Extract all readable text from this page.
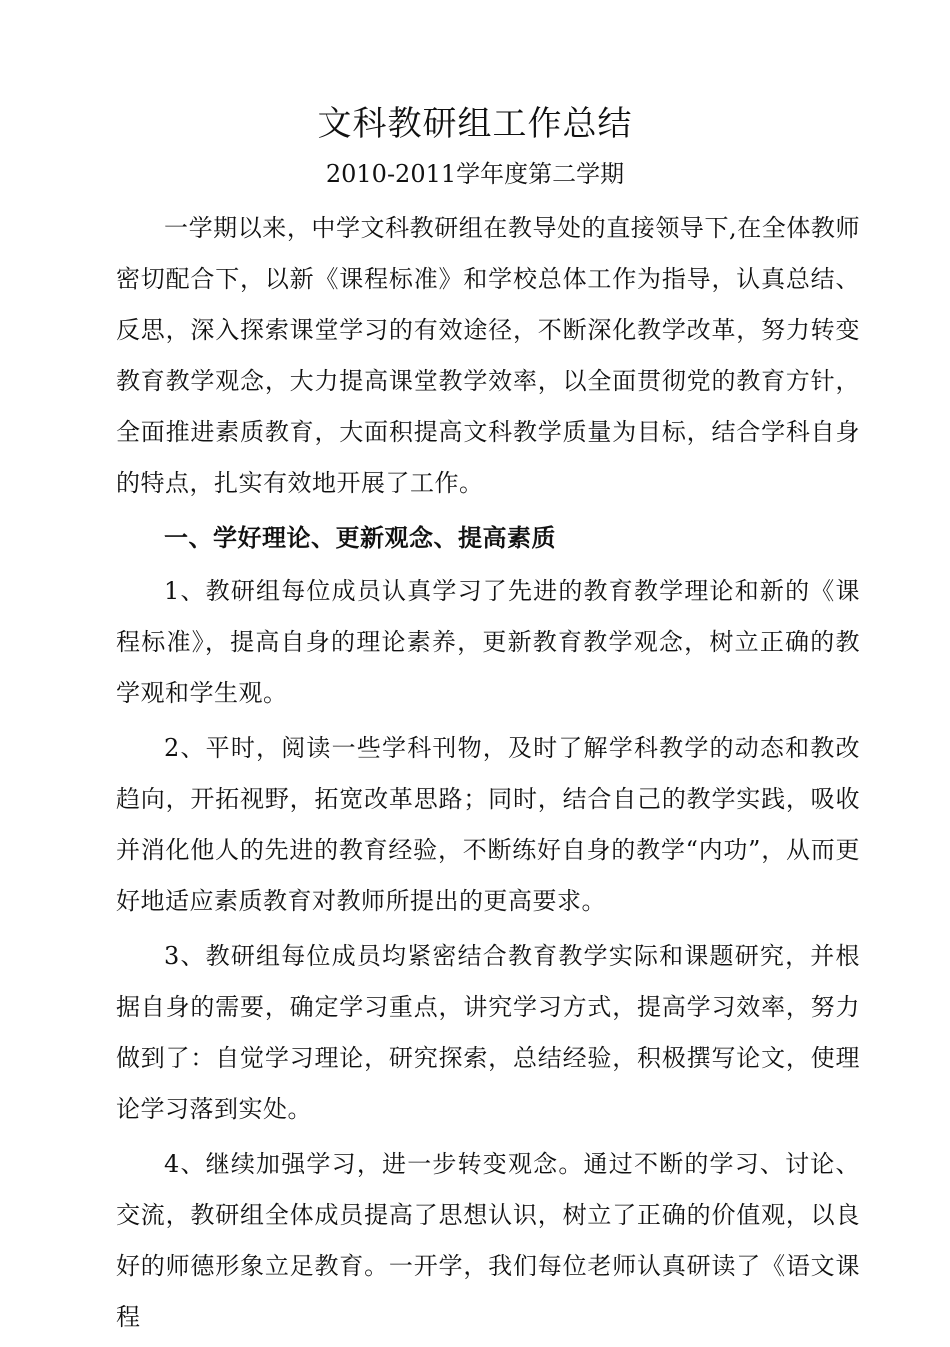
文科教研组工作总结
2010-2011学年度第二学期

一学期以来，中学文科教研组在教导处的直接领导下,在全体教师密切配合下，以新《课程标准》和学校总体工作为指导，认真总结、反思，深入探索课堂学习的有效途径，不断深化教学改革，努力转变教育教学观念，大力提高课堂教学效率，以全面贯彻党的教育方针，全面推进素质教育，大面积提高文科教学质量为目标，结合学科自身的特点，扎实有效地开展了工作。

一、学好理论、更新观念、提高素质

1、教研组每位成员认真学习了先进的教育教学理论和新的《课程标准》，提高自身的理论素养，更新教育教学观念，树立正确的教学观和学生观。

2、平时，阅读一些学科刊物，及时了解学科教学的动态和教改趋向，开拓视野，拓宽改革思路；同时，结合自己的教学实践，吸收并消化他人的先进的教育经验，不断练好自身的教学“内功”，从而更好地适应素质教育对教师所提出的更高要求。

3、教研组每位成员均紧密结合教育教学实际和课题研究，并根据自身的需要，确定学习重点，讲究学习方式，提高学习效率，努力做到了：自觉学习理论，研究探索，总结经验，积极撰写论文，使理论学习落到实处。

4、继续加强学习，进一步转变观念。通过不断的学习、讨论、交流，教研组全体成员提高了思想认识，树立了正确的价值观，以良好的师德形象立足教育。一开学，我们每位老师认真研读了《语文课程
